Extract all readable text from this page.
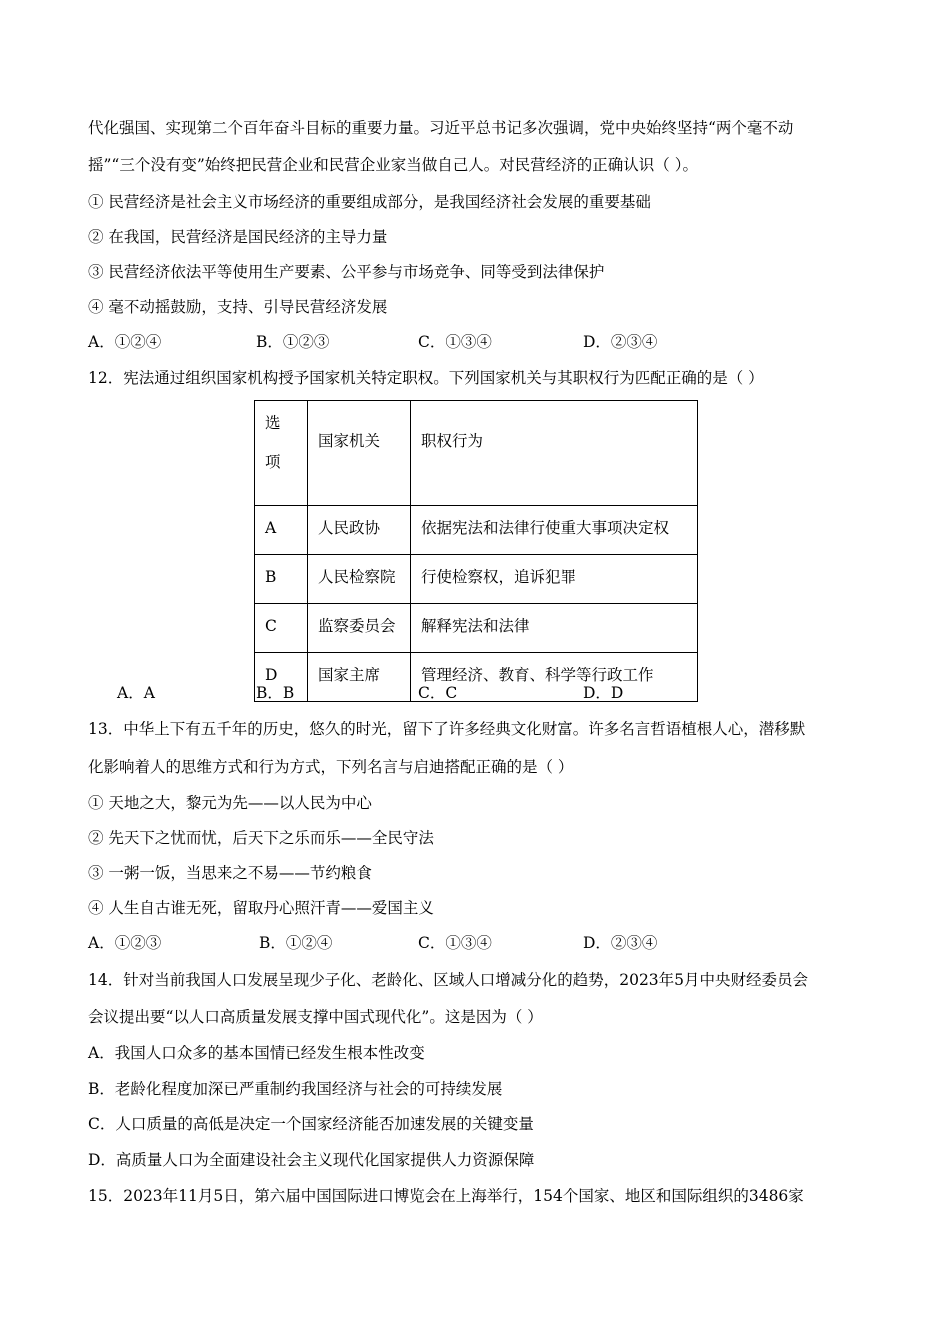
代化强国、实现第二个百年奋斗目标的重要力量。习近平总书记多次强调，党中央始终坚持“两个毫不动
摇”“三个没有变”始终把民营企业和民营企业家当做自己人。对民营经济的正确认识（ ）。
① 民营经济是社会主义市场经济的重要组成部分，是我国经济社会发展的重要基础
② 在我国，民营经济是国民经济的主导力量
③ 民营经济依法平等使用生产要素、公平参与市场竞争、同等受到法律保护
④ 毫不动摇鼓励，支持、引导民营经济发展
A．①②④	B．①②③	C．①③④	D．②③④
12．宪法通过组织国家机构授予国家机关特定职权。下列国家机关与其职权行为匹配正确的是（ ）
选
项	国家机关	职权行为
A	人民政协	依据宪法和法律行使重大事项决定权
B	人民检察院	行使检察权，追诉犯罪
C	监察委员会	解释宪法和法律
D	国家主席	管理经济、教育、科学等行政工作
A．A	B．B	C．C	D．D
13．中华上下有五千年的历史，悠久的时光，留下了许多经典文化财富。许多名言哲语植根人心，潜移默
化影响着人的思维方式和行为方式，下列名言与启迪搭配正确的是（ ）
① 天地之大，黎元为先——以人民为中心
② 先天下之忧而忧，后天下之乐而乐——全民守法
③ 一粥一饭，当思来之不易——节约粮食
④ 人生自古谁无死，留取丹心照汗青——爱国主义
A．①②③	B．①②④	C．①③④	D．②③④
14．针对当前我国人口发展呈现少子化、老龄化、区域人口增减分化的趋势，2023年5月中央财经委员会
会议提出要“以人口高质量发展支撑中国式现代化”。这是因为（ ）
A．我国人口众多的基本国情已经发生根本性改变
B．老龄化程度加深已严重制约我国经济与社会的可持续发展
C．人口质量的高低是决定一个国家经济能否加速发展的关键变量
D．高质量人口为全面建设社会主义现代化国家提供人力资源保障
15．2023年11月5日，第六届中国国际进口博览会在上海举行，154个国家、地区和国际组织的3486家
